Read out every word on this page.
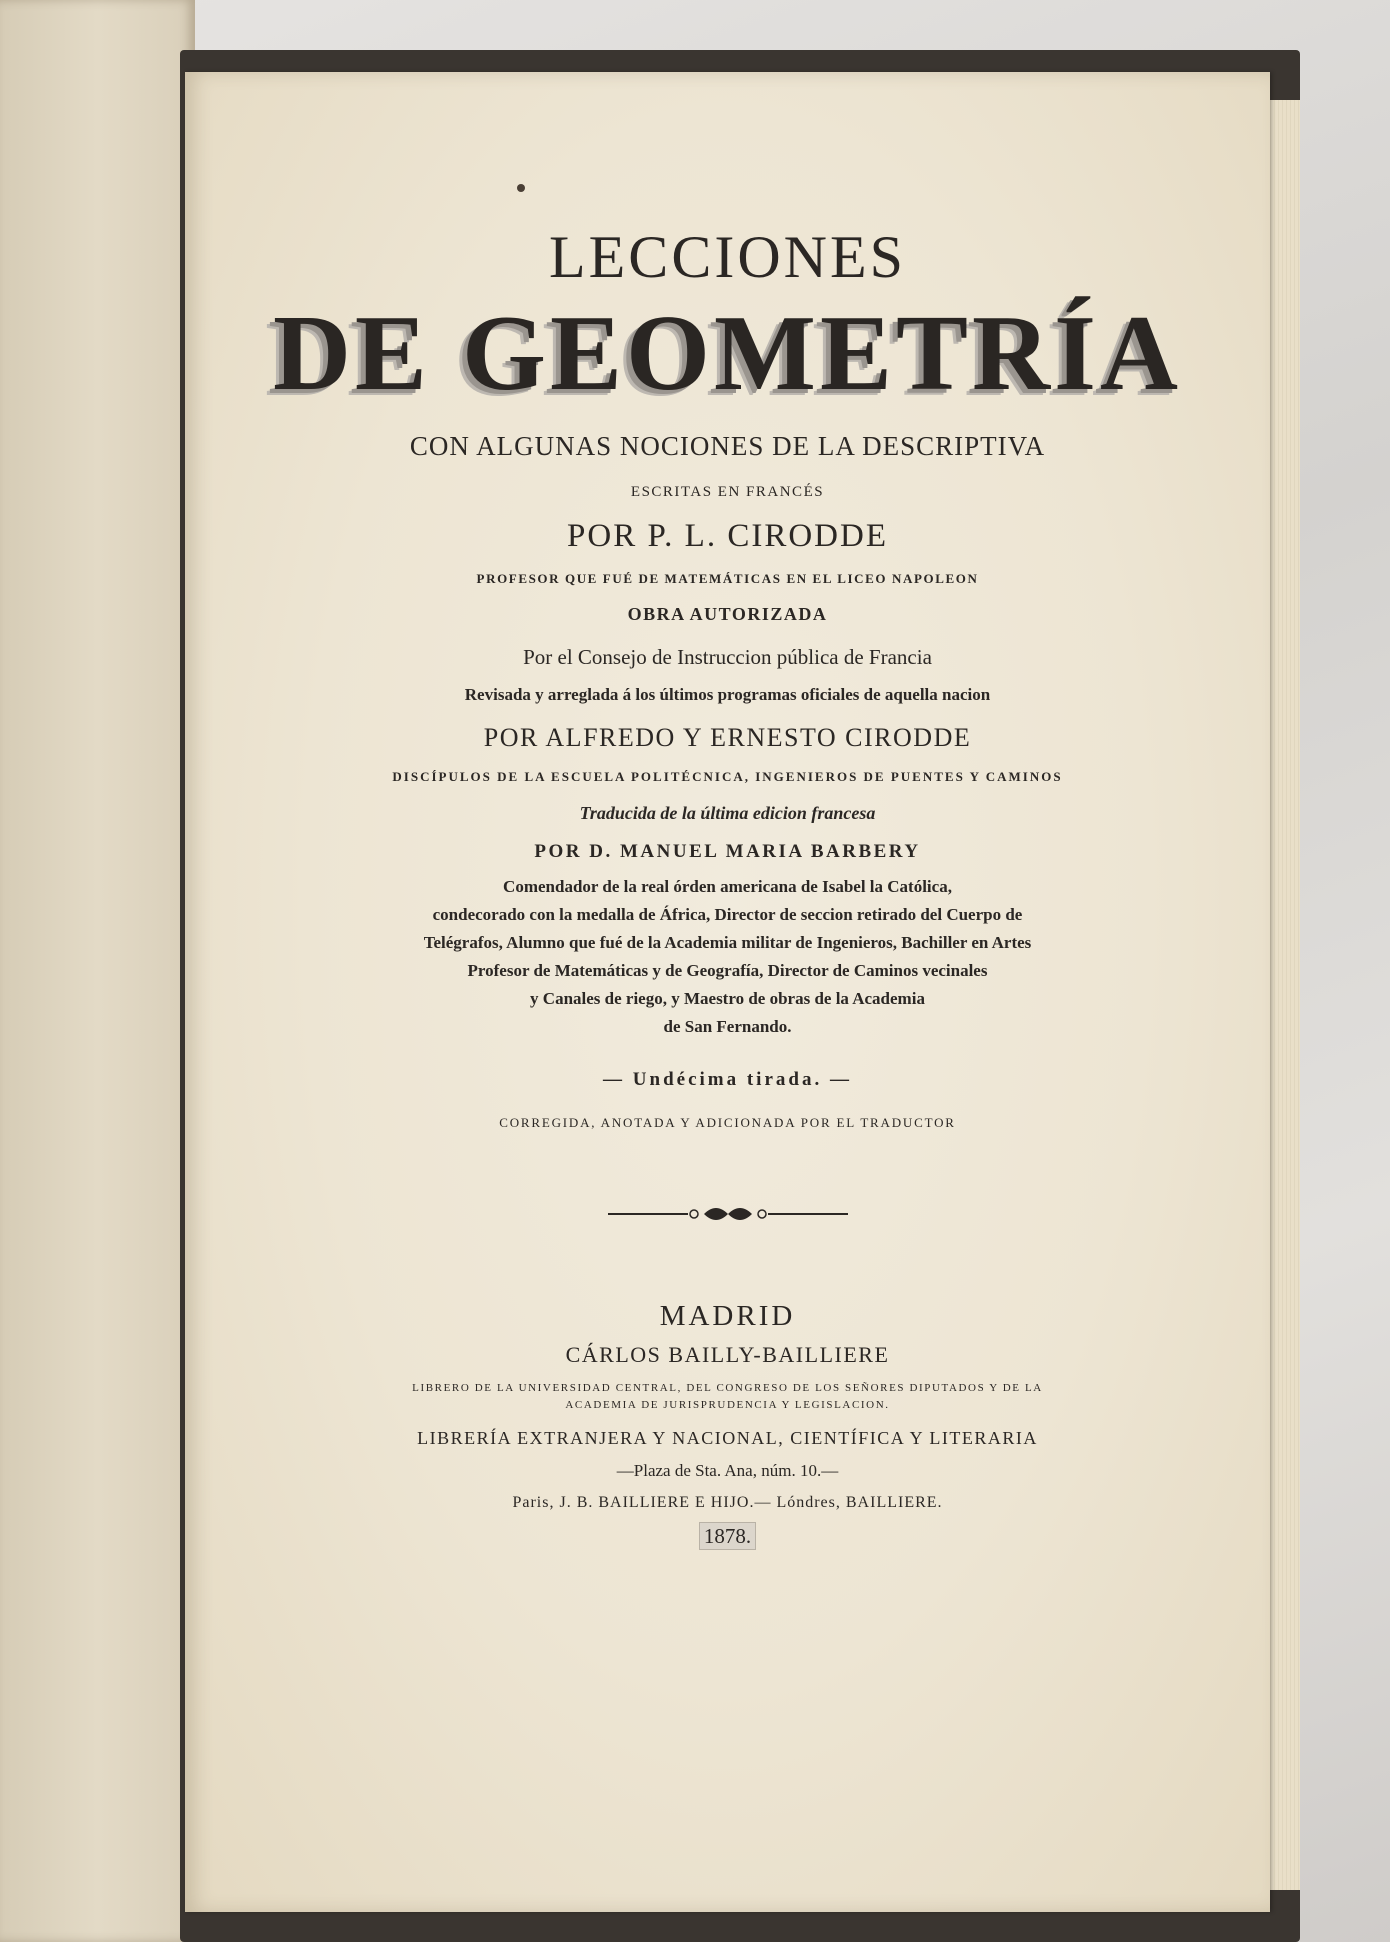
LECCIONES
DE GEOMETRÍA
CON ALGUNAS NOCIONES DE LA DESCRIPTIVA
ESCRITAS EN FRANCÉS
POR P. L. CIRODDE
PROFESOR QUE FUÉ DE MATEMÁTICAS EN EL LICEO NAPOLEON
OBRA AUTORIZADA
Por el Consejo de Instruccion pública de Francia
Revisada y arreglada á los últimos programas oficiales de aquella nacion
POR ALFREDO Y ERNESTO CIRODDE
DISCÍPULOS DE LA ESCUELA POLITÉCNICA, INGENIEROS DE PUENTES Y CAMINOS
Traducida de la última edicion francesa
POR D. MANUEL MARIA BARBERY
Comendador de la real órden americana de Isabel la Católica,
condecorado con la medalla de África, Director de seccion retirado del Cuerpo de
Telégrafos, Alumno que fué de la Academia militar de Ingenieros, Bachiller en Artes
Profesor de Matemáticas y de Geografía, Director de Caminos vecinales
y Canales de riego, y Maestro de obras de la Academia
de San Fernando.
— Undécima tirada. —
CORREGIDA, ANOTADA Y ADICIONADA POR EL TRADUCTOR
MADRID
CÁRLOS BAILLY-BAILLIERE
LIBRERO DE LA UNIVERSIDAD CENTRAL, DEL CONGRESO DE LOS SEÑORES DIPUTADOS Y DE LA
ACADEMIA DE JURISPRUDENCIA Y LEGISLACION.
LIBRERÍA EXTRANJERA Y NACIONAL, CIENTÍFICA Y LITERARIA
—Plaza de Sta. Ana, núm. 10.—
Paris, J. B. BAILLIERE E HIJO.— Lóndres, BAILLIERE.
1878.
